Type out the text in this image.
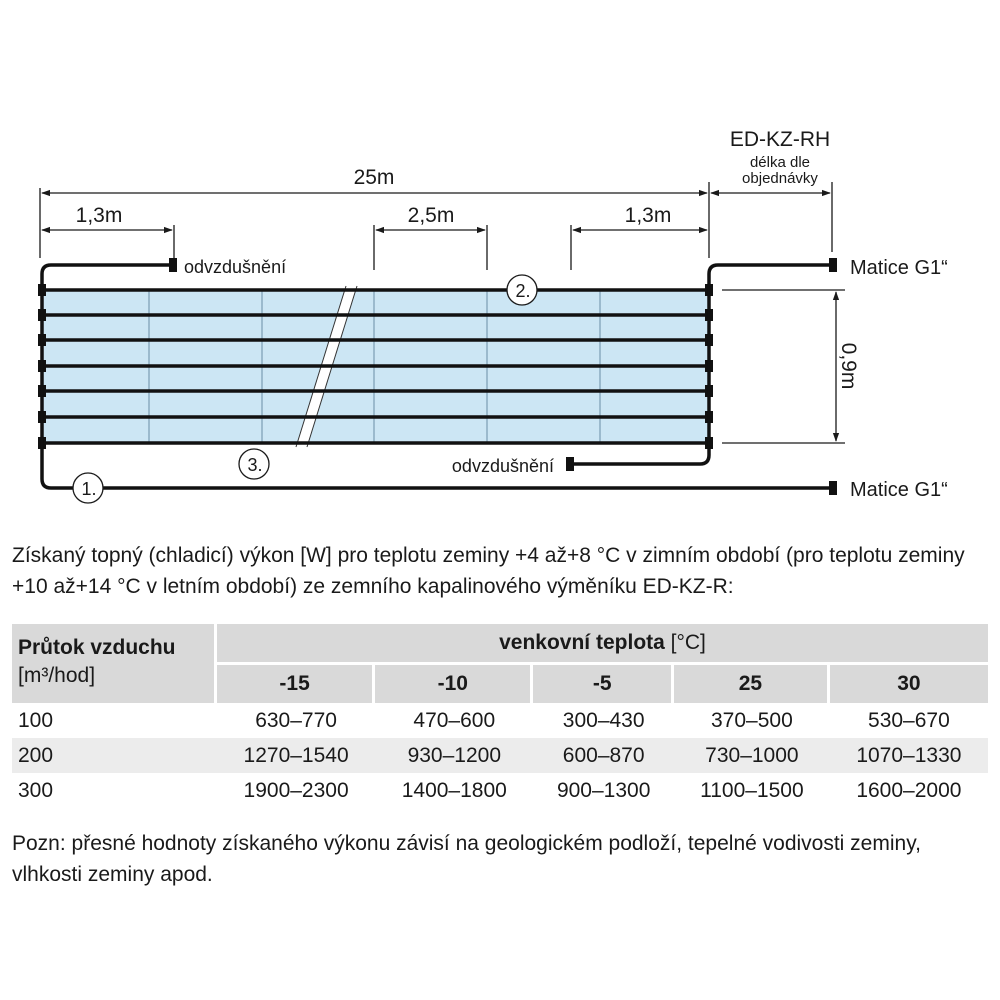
ED-KZ-RH
délka dle
objednávky
25m
1,3m	2,5m	1,3m
0,9m
odvzdušnění
odvzdušnění
Matice G1“
Matice G1“
1.
2.
3.

Získaný topný (chladicí) výkon [W] pro teplotu zeminy +4 až+8 °C v zimním období (pro teplotu zeminy +10 až+14 °C v letním období) ze zemního kapalinového výměníku ED-KZ-R:

Průtok vzduchu
[m³/hod]	venkovní teplota [°C]				
	-15	-10	-5	25	30
100	630–770	470–600	300–430	370–500	530–670
200	1270–1540	930–1200	600–870	730–1000	1070–1330
300	1900–2300	1400–1800	900–1300	1100–1500	1600–2000

Pozn: přesné hodnoty získaného výkonu závisí na geologickém podloží, tepelné vodivosti zeminy, vlhkosti zeminy apod.
